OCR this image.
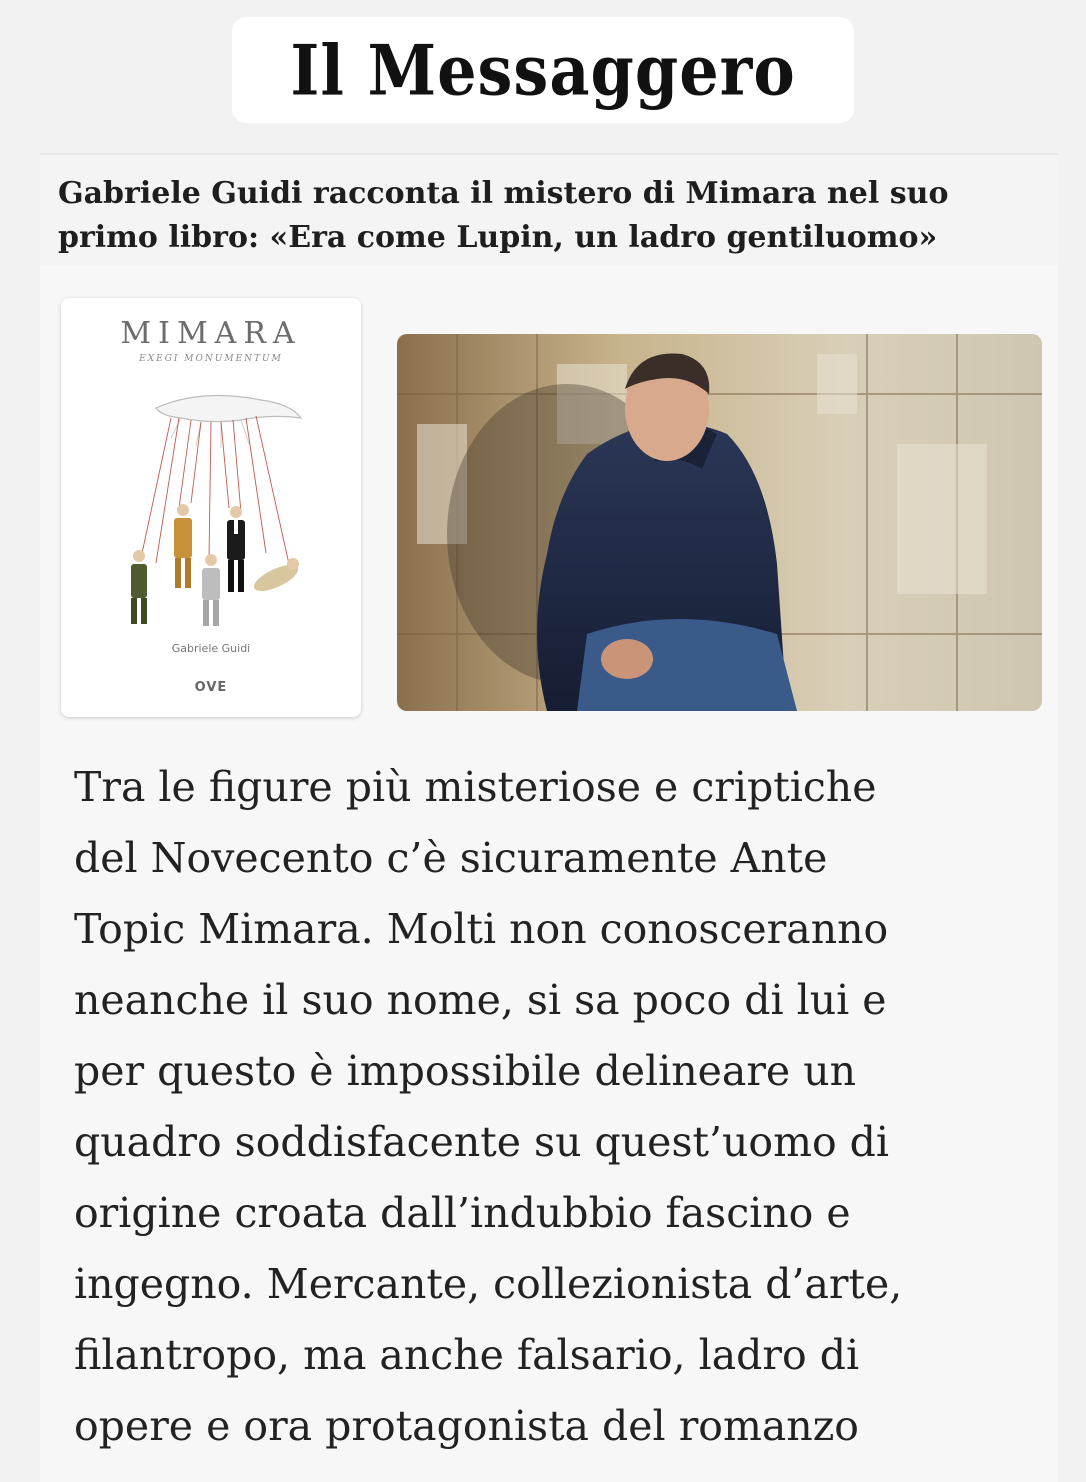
Il Messaggero
Gabriele Guidi racconta il mistero di Mimara nel suo
primo libro: «Era come Lupin, un ladro gentiluomo»
MIMARA
EXEGI MONUMENTUM
Gabriele Guidi
OVE
Tra le figure più misteriose e criptiche
del Novecento c’è sicuramente Ante
Topic Mimara. Molti non conosceranno
neanche il suo nome, si sa poco di lui e
per questo è impossibile delineare un
quadro soddisfacente su quest’uomo di
origine croata dall’indubbio fascino e
ingegno. Mercante, collezionista d’arte,
filantropo, ma anche falsario, ladro di
opere e ora protagonista del romanzo
